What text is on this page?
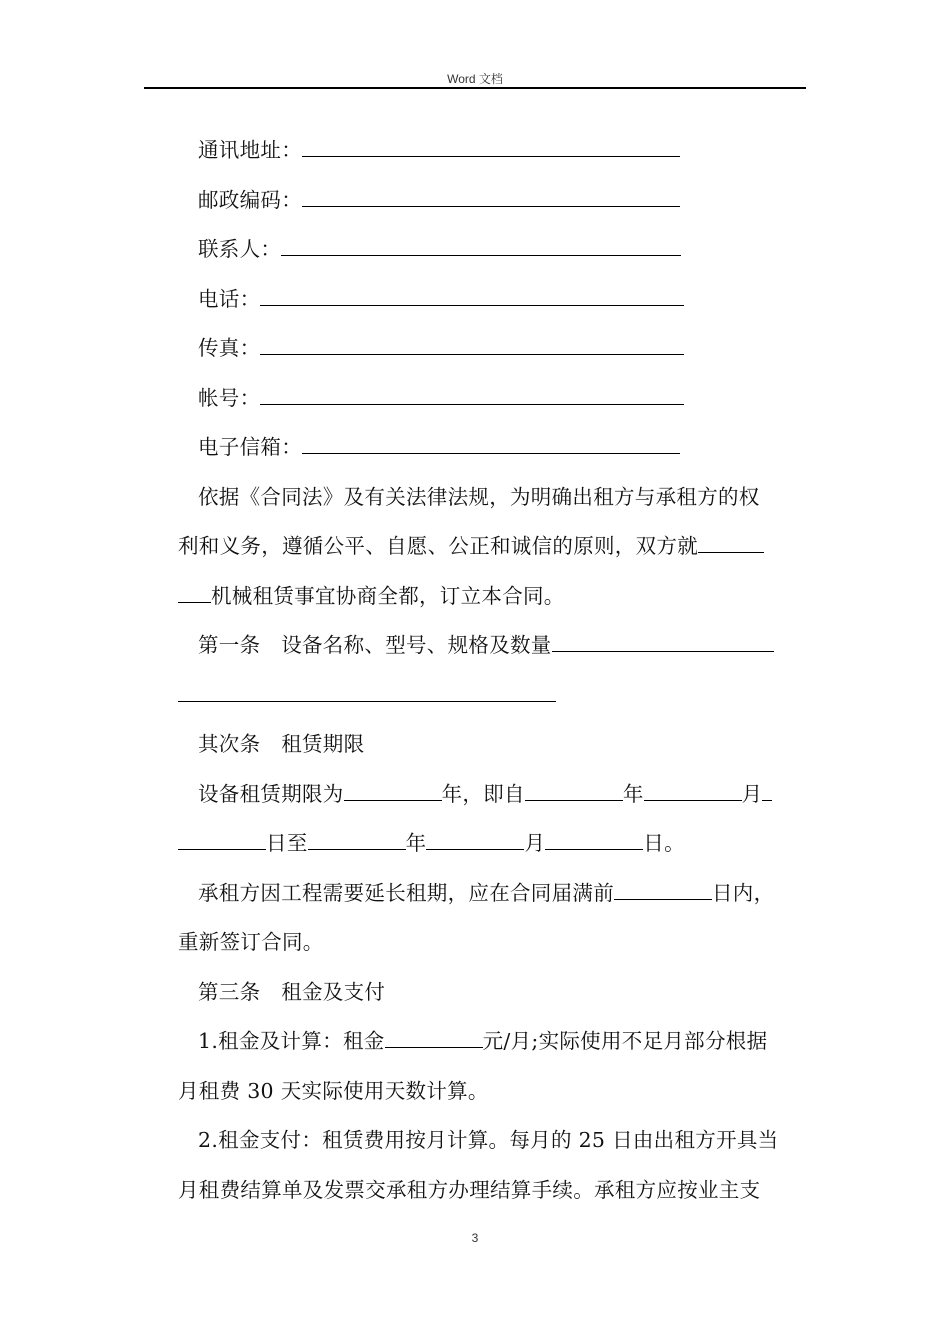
Word 文档
通讯地址：
邮政编码：
联系人：
电话：
传真：
帐号：
电子信箱：
依据《合同法》及有关法律法规，为明确出租方与承租方的权
利和义务，遵循公平、自愿、公正和诚信的原则，双方就
机械租赁事宜协商全都，订立本合同。
第一条　设备名称、型号、规格及数量
其次条　租赁期限
设备租赁期限为	年，即自	年	月
日至	年	月	日。
承租方因工程需要延长租期，应在合同届满前	日内，
重新签订合同。
第三条　租金及支付
1.租金及计算：租金	元/月;实际使用不足月部分根据
月租费 30 天实际使用天数计算。
2.租金支付：租赁费用按月计算。每月的 25 日由出租方开具当
月租费结算单及发票交承租方办理结算手续。承租方应按业主支
3
